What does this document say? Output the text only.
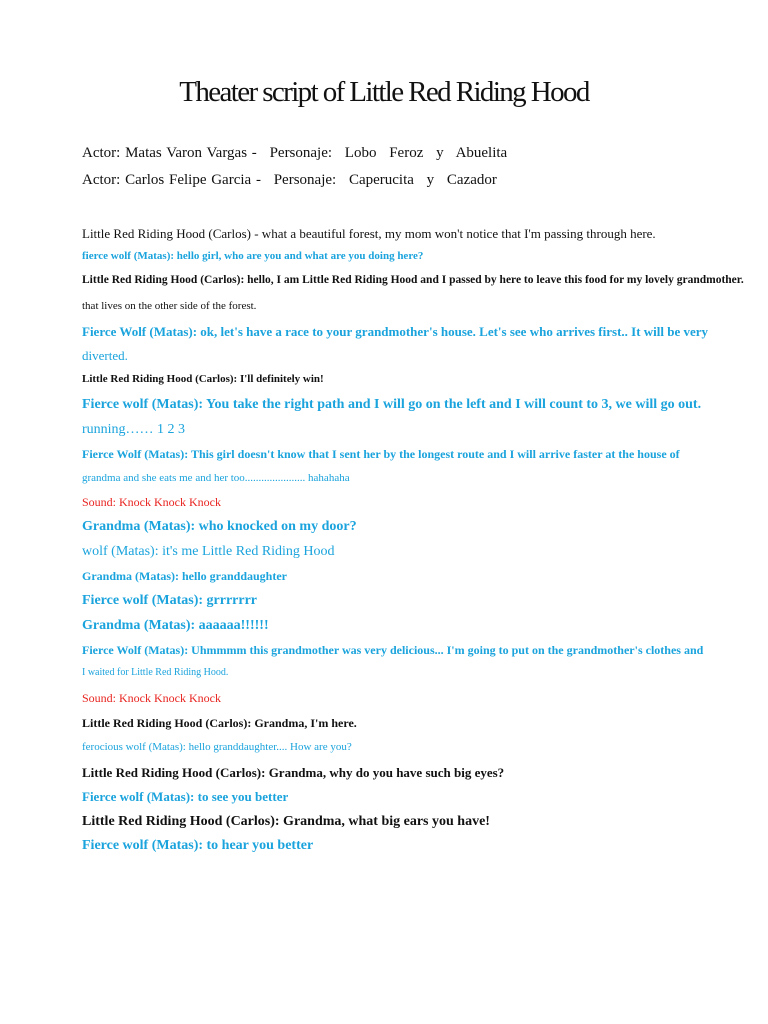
Theater script of Little Red Riding Hood
Actor: Matas Varon Vargas - Personaje: Lobo Feroz y Abuelita
Actor: Carlos Felipe Garcia - Personaje: Caperucita y Cazador
Little Red Riding Hood (Carlos) - what a beautiful forest, my mom won't notice that I'm passing through here.
fierce wolf (Matas): hello girl, who are you and what are you doing here?
Little Red Riding Hood (Carlos): hello, I am Little Red Riding Hood and I passed by here to leave this food for my lovely grandmother.
that lives on the other side of the forest.
Fierce Wolf (Matas): ok, let's have a race to your grandmother's house. Let's see who arrives first.. It will be very
diverted.
Little Red Riding Hood (Carlos): I'll definitely win!
Fierce wolf (Matas): You take the right path and I will go on the left and I will count to 3, we will go out.
running…… 1 2 3
Fierce Wolf (Matas): This girl doesn't know that I sent her by the longest route and I will arrive faster at the house of
grandma and she eats me and her too...................... hahahaha
Sound: Knock Knock Knock
Grandma (Matas): who knocked on my door?
wolf (Matas): it's me Little Red Riding Hood
Grandma (Matas): hello granddaughter
Fierce wolf (Matas): grrrrrrr
Grandma (Matas): aaaaaa!!!!!!
Fierce Wolf (Matas): Uhmmmm this grandmother was very delicious... I'm going to put on the grandmother's clothes and
I waited for Little Red Riding Hood.
Sound: Knock Knock Knock
Little Red Riding Hood (Carlos): Grandma, I'm here.
ferocious wolf (Matas): hello granddaughter.... How are you?
Little Red Riding Hood (Carlos): Grandma, why do you have such big eyes?
Fierce wolf (Matas): to see you better
Little Red Riding Hood (Carlos): Grandma, what big ears you have!
Fierce wolf (Matas): to hear you better
